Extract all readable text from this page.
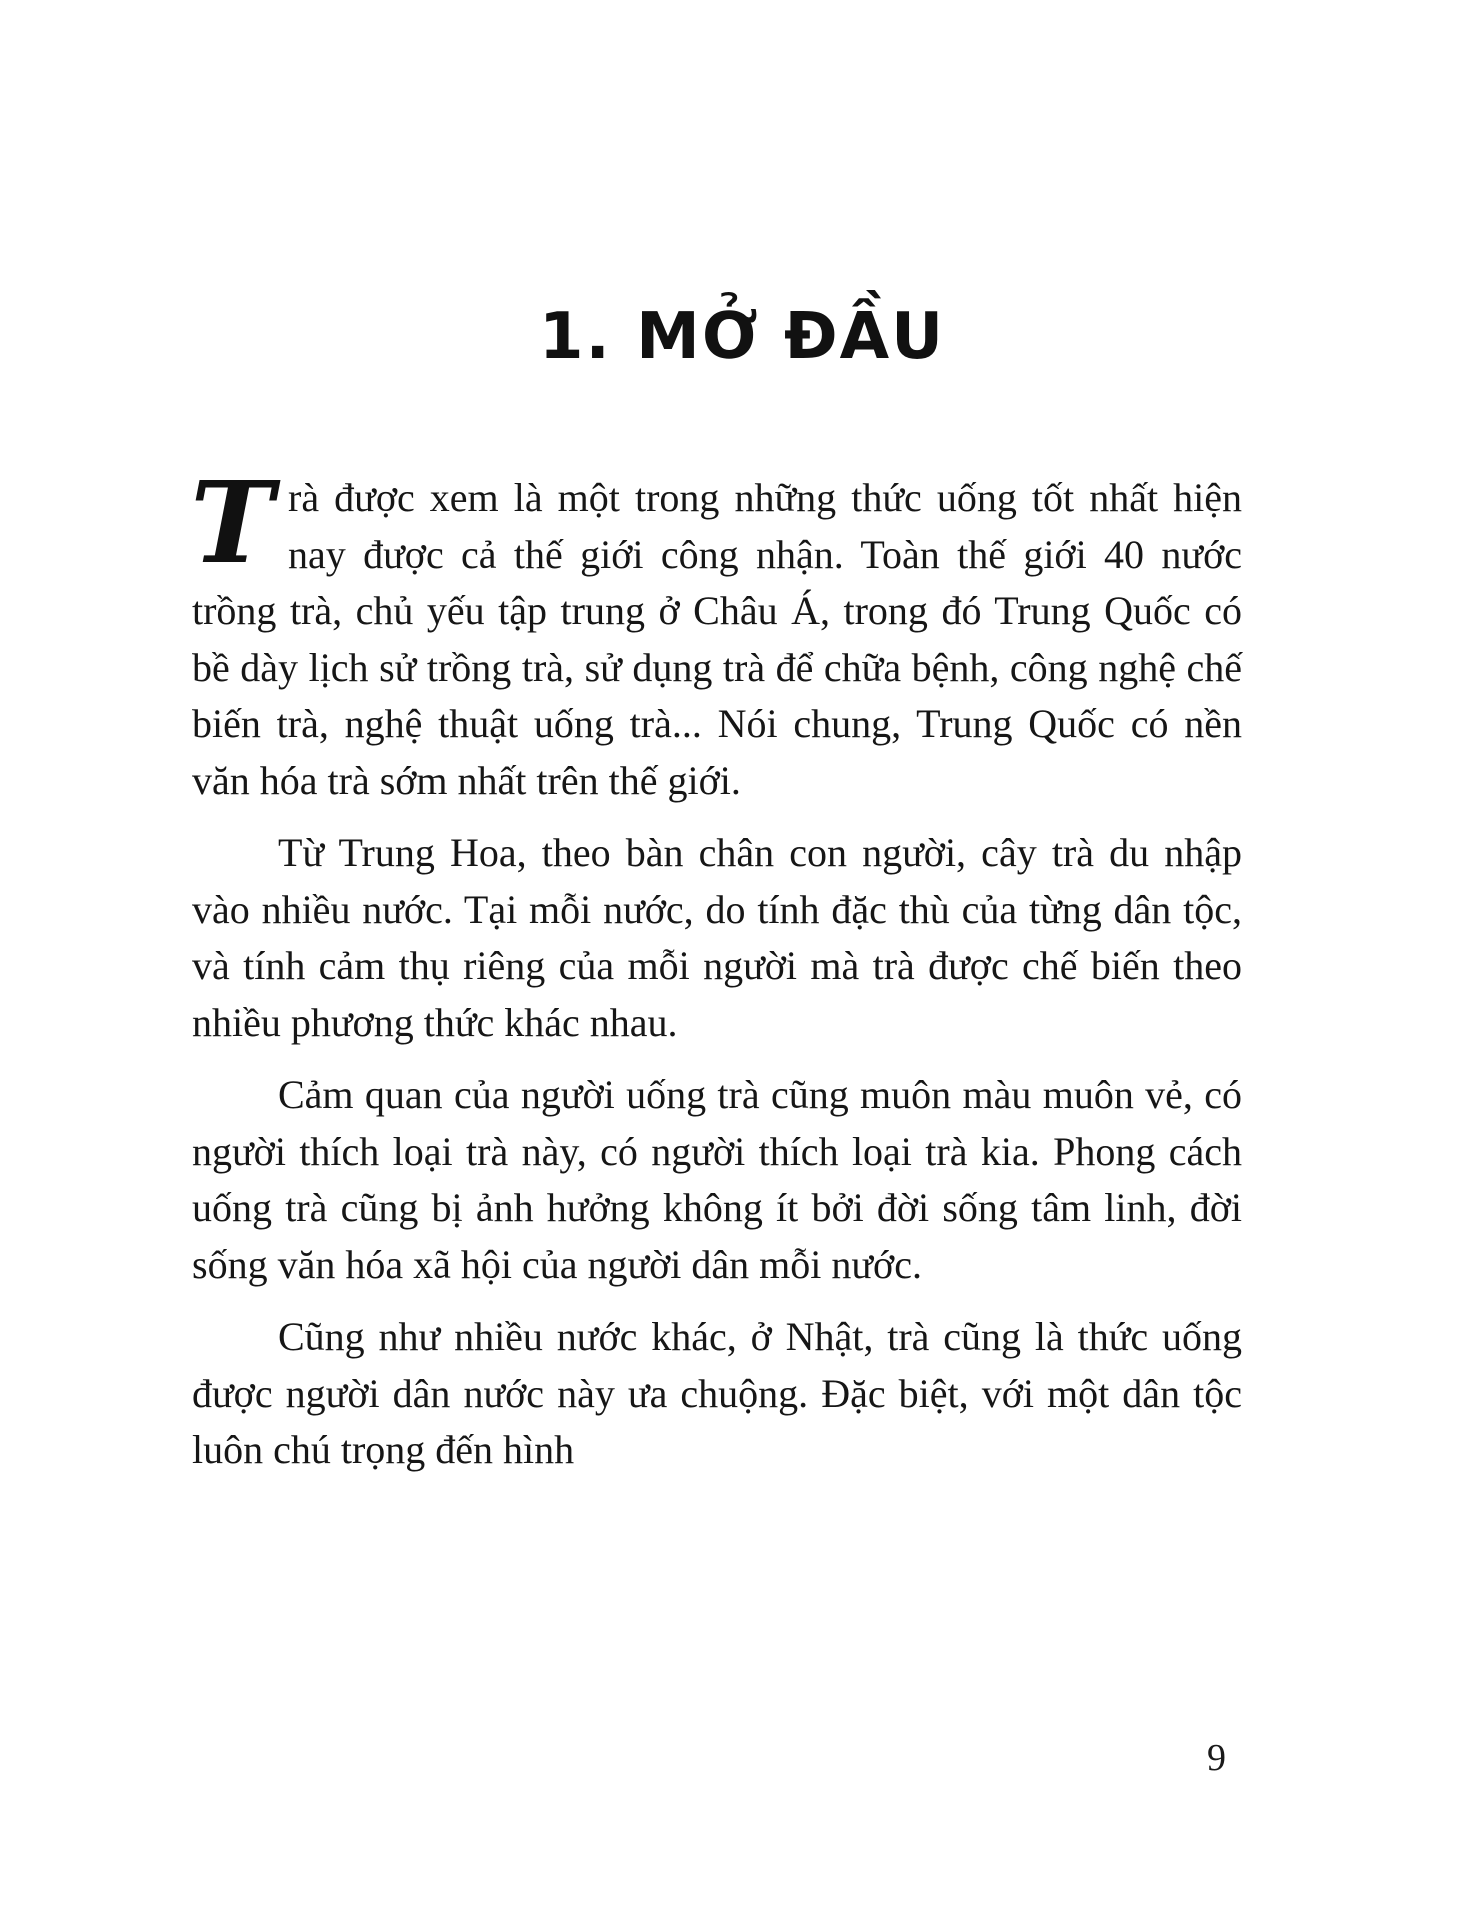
1. MỞ ĐẦU

Trà được xem là một trong những thức uống tốt nhất hiện nay được cả thế giới công nhận. Toàn thế giới 40 nước trồng trà, chủ yếu tập trung ở Châu Á, trong đó Trung Quốc có bề dày lịch sử trồng trà, sử dụng trà để chữa bệnh, công nghệ chế biến trà, nghệ thuật uống trà... Nói chung, Trung Quốc có nền văn hóa trà sớm nhất trên thế giới.

Từ Trung Hoa, theo bàn chân con người, cây trà du nhập vào nhiều nước. Tại mỗi nước, do tính đặc thù của từng dân tộc, và tính cảm thụ riêng của mỗi người mà trà được chế biến theo nhiều phương thức khác nhau.

Cảm quan của người uống trà cũng muôn màu muôn vẻ, có người thích loại trà này, có người thích loại trà kia. Phong cách uống trà cũng bị ảnh hưởng không ít bởi đời sống tâm linh, đời sống văn hóa xã hội của người dân mỗi nước.

Cũng như nhiều nước khác, ở Nhật, trà cũng là thức uống được người dân nước này ưa chuộng. Đặc biệt, với một dân tộc luôn chú trọng đến hình

9
